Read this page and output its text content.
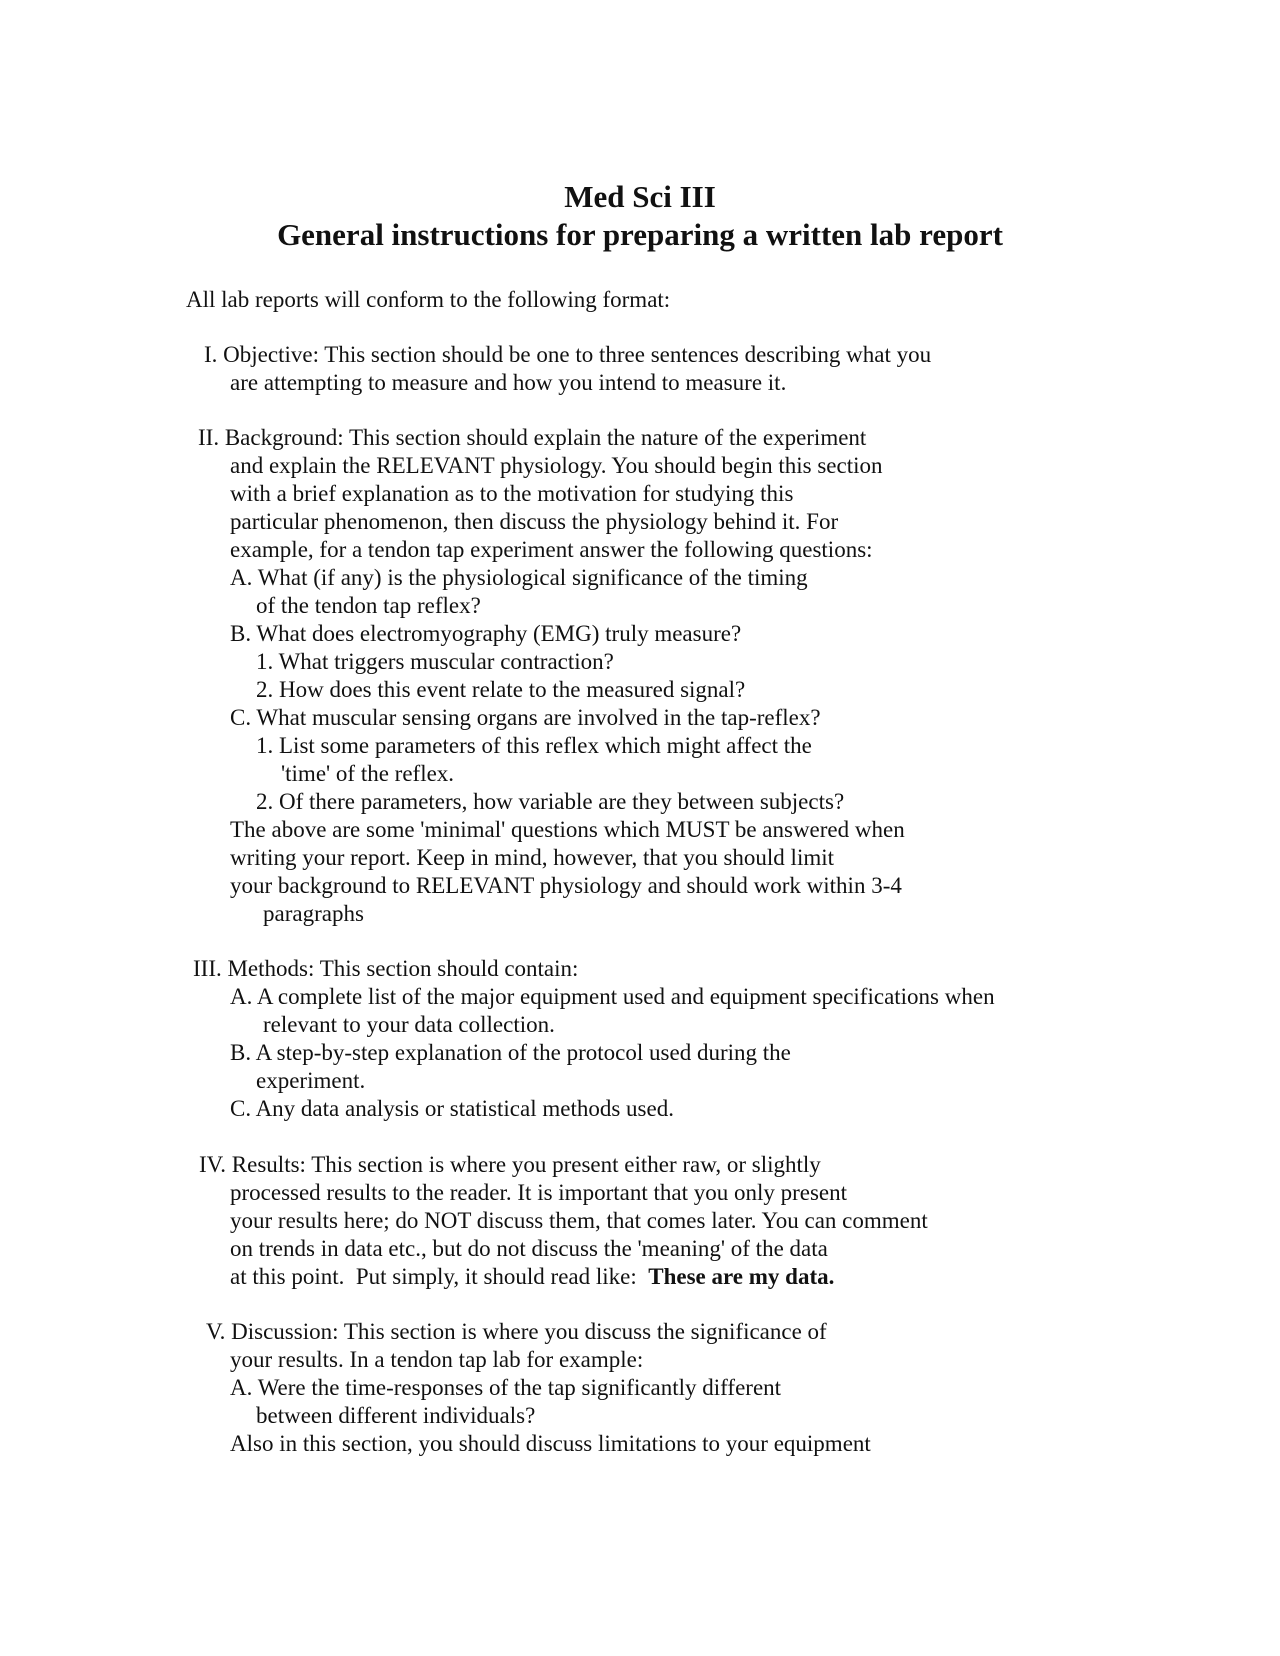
Med Sci III
General instructions for preparing a written lab report
All lab reports will conform to the following format:
I. Objective: This section should be one to three sentences describing what you
are attempting to measure and how you intend to measure it.
II. Background: This section should explain the nature of the experiment
and explain the RELEVANT physiology. You should begin this section
with a brief explanation as to the motivation for studying this
particular phenomenon, then discuss the physiology behind it. For
example, for a tendon tap experiment answer the following questions:
A. What (if any) is the physiological significance of the timing
of the tendon tap reflex?
B. What does electromyography (EMG) truly measure?
1. What triggers muscular contraction?
2. How does this event relate to the measured signal?
C. What muscular sensing organs are involved in the tap-reflex?
1. List some parameters of this reflex which might affect the
'time' of the reflex.
2. Of there parameters, how variable are they between subjects?
The above are some 'minimal' questions which MUST be answered when
writing your report. Keep in mind, however, that you should limit
your background to RELEVANT physiology and should work within 3-4
paragraphs
III. Methods: This section should contain:
A. A complete list of the major equipment used and equipment specifications when
relevant to your data collection.
B. A step-by-step explanation of the protocol used during the
experiment.
C. Any data analysis or statistical methods used.
IV. Results: This section is where you present either raw, or slightly
processed results to the reader. It is important that you only present
your results here; do NOT discuss them, that comes later. You can comment
on trends in data etc., but do not discuss the 'meaning' of the data
at this point.  Put simply, it should read like:  These are my data.
V. Discussion: This section is where you discuss the significance of
your results. In a tendon tap lab for example:
A. Were the time-responses of the tap significantly different
between different individuals?
Also in this section, you should discuss limitations to your equipment
